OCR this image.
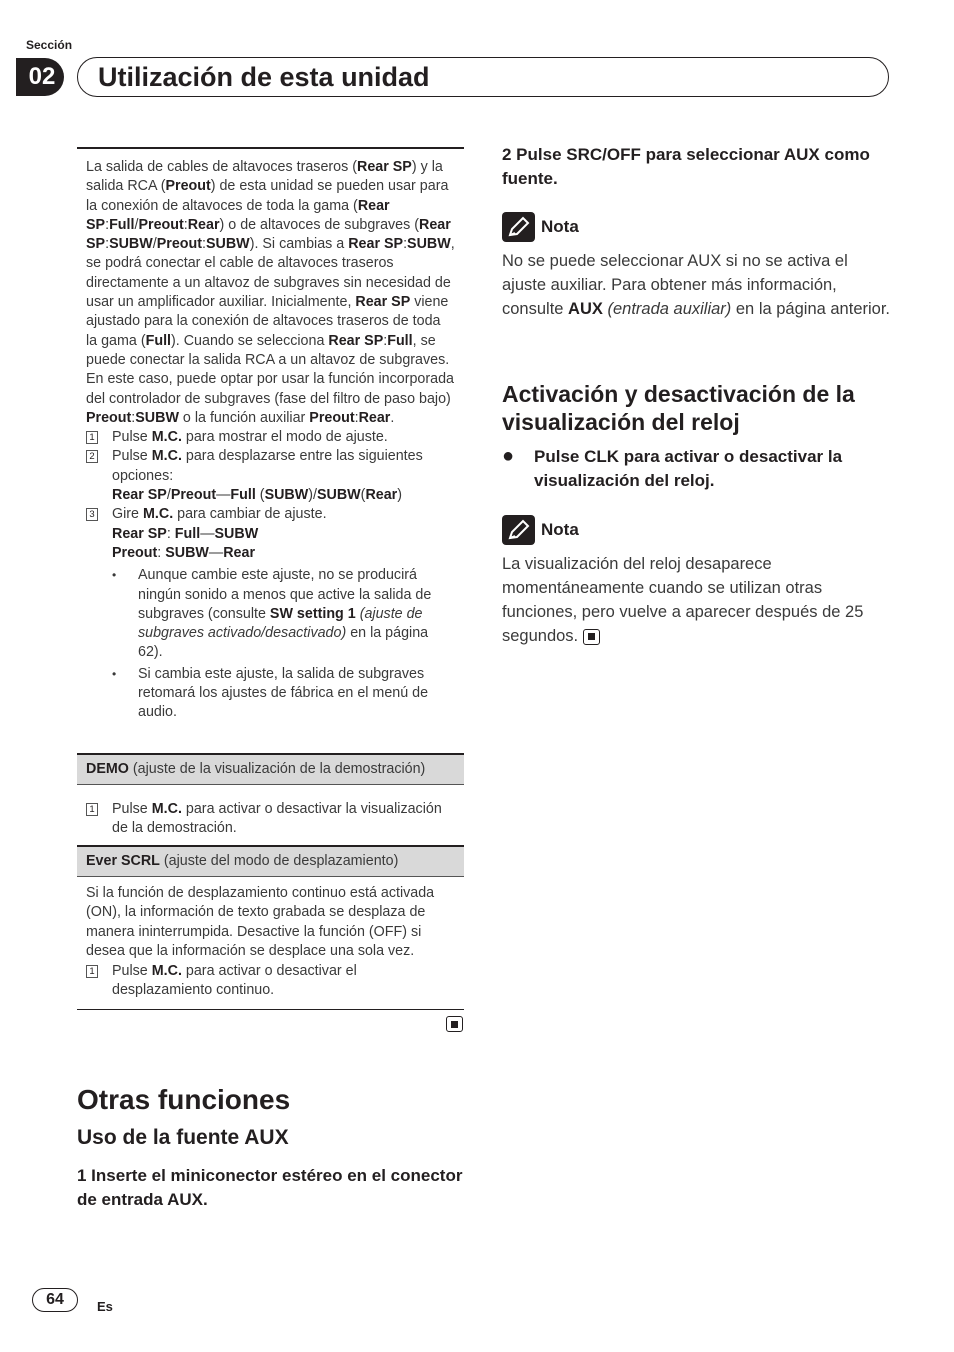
Sección
02	Utilización de esta unidad
La salida de cables de altavoces traseros (Rear SP) y la salida RCA (Preout) de esta unidad se pueden usar para la conexión de altavoces de toda la gama (Rear SP:Full/Preout:Rear) o de altavoces de subgraves (Rear SP:SUBW/Preout:SUBW). Si cambias a Rear SP:SUBW, se podrá conectar el cable de altavoces traseros directamente a un altavoz de subgraves sin necesidad de usar un amplificador auxiliar. Inicialmente, Rear SP viene ajustado para la conexión de altavoces traseros de toda la gama (Full). Cuando se selecciona Rear SP:Full, se puede conectar la salida RCA a un altavoz de subgraves. En este caso, puede optar por usar la función incorporada del controlador de subgraves (fase del filtro de paso bajo) Preout:SUBW o la función auxiliar Preout:Rear.
1 Pulse M.C. para mostrar el modo de ajuste.
2 Pulse M.C. para desplazarse entre las siguientes opciones:
Rear SP/Preout—Full (SUBW)/SUBW(Rear)
3 Gire M.C. para cambiar de ajuste.
Rear SP: Full—SUBW
Preout: SUBW—Rear
•	Aunque cambie este ajuste, no se producirá ningún sonido a menos que active la salida de subgraves (consulte SW setting 1 (ajuste de subgraves activado/desactivado) en la página 62).
•	Si cambia este ajuste, la salida de subgraves retomará los ajustes de fábrica en el menú de audio.
DEMO (ajuste de la visualización de la demostración)
1 Pulse M.C. para activar o desactivar la visualización de la demostración.
Ever SCRL (ajuste del modo de desplazamiento)
Si la función de desplazamiento continuo está activada (ON), la información de texto grabada se desplaza de manera ininterrumpida. Desactive la función (OFF) si desea que la información se desplace una sola vez.
1 Pulse M.C. para activar o desactivar el desplazamiento continuo.
Otras funciones
Uso de la fuente AUX
1 Inserte el miniconector estéreo en el conector de entrada AUX.
2 Pulse SRC/OFF para seleccionar AUX como fuente.
Nota
No se puede seleccionar AUX si no se activa el ajuste auxiliar. Para obtener más información, consulte AUX (entrada auxiliar) en la página anterior.
Activación y desactivación de la visualización del reloj
●	Pulse CLK para activar o desactivar la visualización del reloj.
Nota
La visualización del reloj desaparece momentáneamente cuando se utilizan otras funciones, pero vuelve a aparecer después de 25 segundos.
64	Es
